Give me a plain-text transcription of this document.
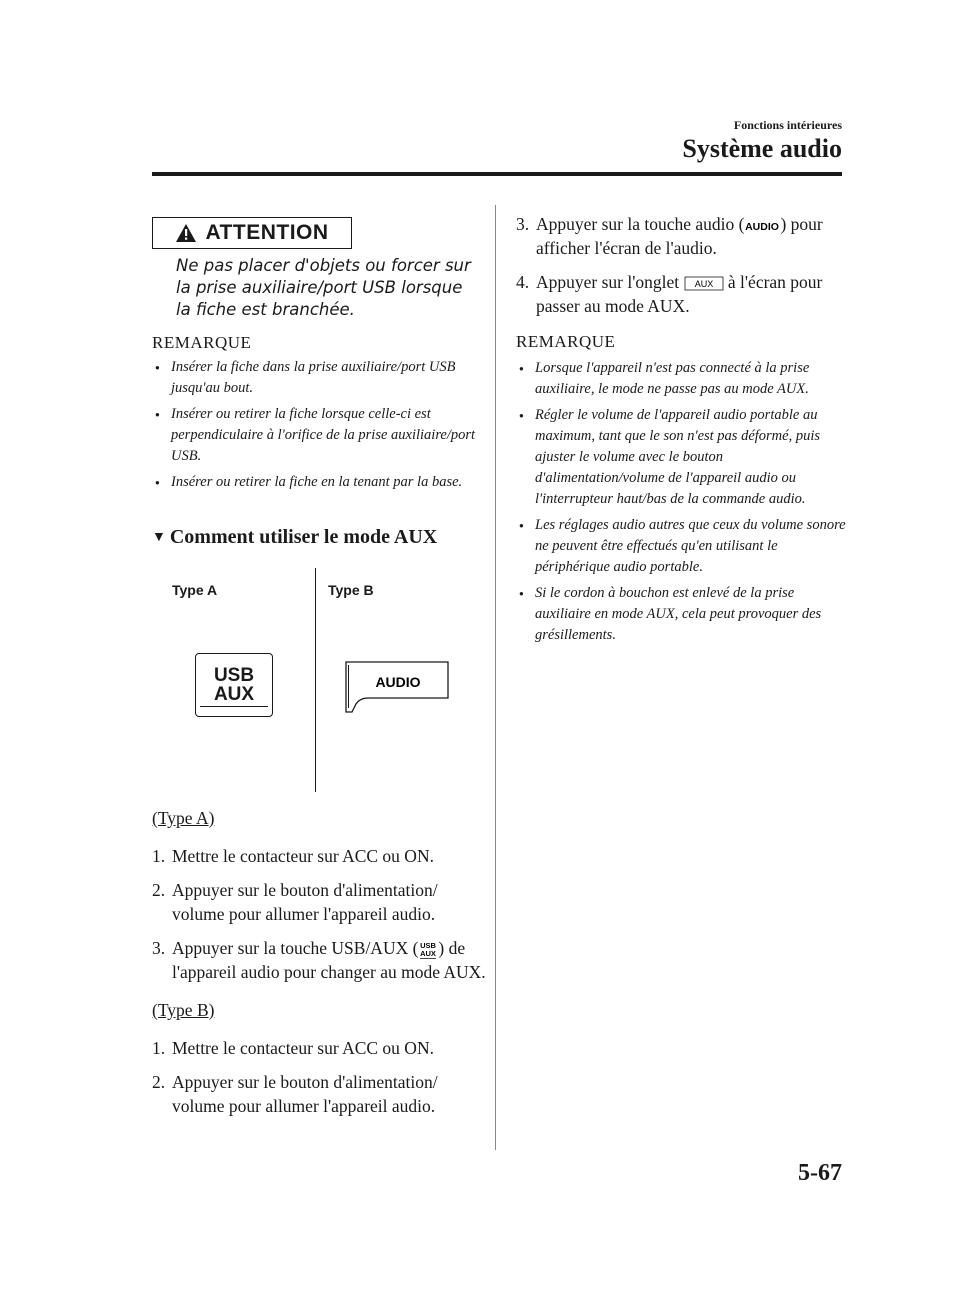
Fonctions intérieures
Système audio
ATTENTION
Ne pas placer d'objets ou forcer sur la prise auxiliaire/port USB lorsque la fiche est branchée.
REMARQUE
● Insérer la fiche dans la prise auxiliaire/port USB jusqu'au bout.
● Insérer ou retirer la fiche lorsque celle-ci est perpendiculaire à l'orifice de la prise auxiliaire/port USB.
● Insérer ou retirer la fiche en la tenant par la base.
▼ Comment utiliser le mode AUX
Type A	Type B
USB
AUX
AUDIO
(Type A)
1. Mettre le contacteur sur ACC ou ON.
2. Appuyer sur le bouton d'alimentation/ volume pour allumer l'appareil audio.
3. Appuyer sur la touche USB/AUX ( USB
AUX ) de l'appareil audio pour changer au mode AUX.
(Type B)
1. Mettre le contacteur sur ACC ou ON.
2. Appuyer sur le bouton d'alimentation/ volume pour allumer l'appareil audio.
3. Appuyer sur la touche audio ( AUDIO ) pour afficher l'écran de l'audio.
4. Appuyer sur l'onglet AUX à l'écran pour passer au mode AUX.
REMARQUE
● Lorsque l'appareil n'est pas connecté à la prise auxiliaire, le mode ne passe pas au mode AUX.
● Régler le volume de l'appareil audio portable au maximum, tant que le son n'est pas déformé, puis ajuster le volume avec le bouton d'alimentation/volume de l'appareil audio ou l'interrupteur haut/bas de la commande audio.
● Les réglages audio autres que ceux du volume sonore ne peuvent être effectués qu'en utilisant le périphérique audio portable.
● Si le cordon à bouchon est enlevé de la prise auxiliaire en mode AUX, cela peut provoquer des grésillements.
5-67
